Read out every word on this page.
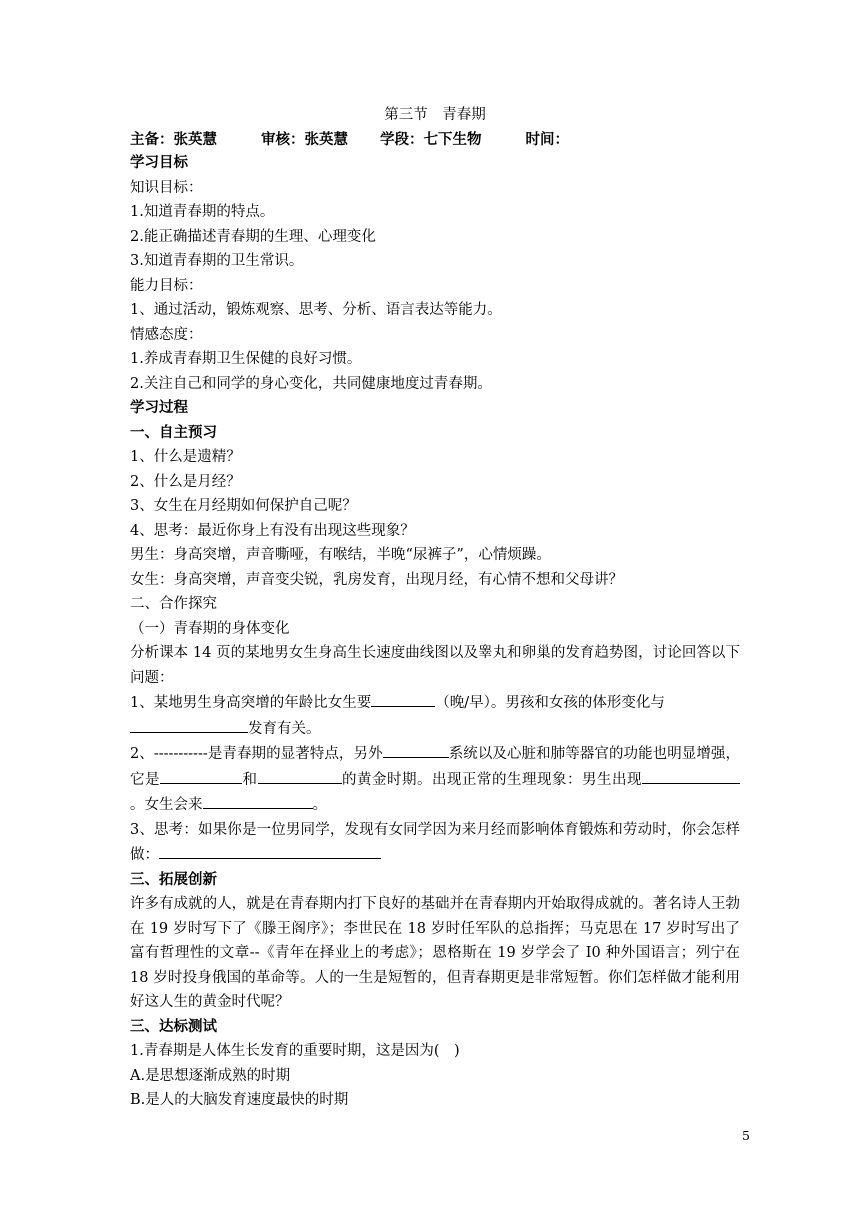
第三节　青春期
主备：张英慧	审核：张英慧 学段：七下生物	时间：
学习目标
知识目标：
1.知道青春期的特点。
2.能正确描述青春期的生理、心理变化
3.知道青春期的卫生常识。
能力目标：
1、通过活动，锻炼观察、思考、分析、语言表达等能力。
情感态度：
1.养成青春期卫生保健的良好习惯。
2.关注自己和同学的身心变化，共同健康地度过青春期。
学习过程
一、自主预习
1、什么是遗精？
2、什么是月经？
3、女生在月经期如何保护自己呢？
4、思考：最近你身上有没有出现这些现象？
男生：身高突增，声音嘶哑，有喉结，半晚“尿裤子”，心情烦躁。
女生：身高突增，声音变尖锐，乳房发育，出现月经，有心情不想和父母讲？
二、合作探究
（一）青春期的身体变化
分析课本 14 页的某地男女生身高生长速度曲线图以及睾丸和卵巢的发育趋势图，讨论回答以下问题：
1、某地男生身高突增的年龄比女生要	（晚/早）。男孩和女孩的体形变化与
发育有关。
2、-----------是青春期的显著特点，另外	系统以及心脏和肺等器官的功能也明显增强，它是	和	的黄金时期。出现正常的生理现象：男生出现。女生会来	。
3、思考：如果你是一位男同学，发现有女同学因为来月经而影响体育锻炼和劳动时，你会怎样做：
三、拓展创新
许多有成就的人，就是在青春期内打下良好的基础并在青春期内开始取得成就的。著名诗人王勃在 19 岁时写下了《滕王阁序》；李世民在 18 岁时任军队的总指挥；马克思在 17 岁时写出了富有哲理性的文章--《青年在择业上的考虑》；恩格斯在 19 岁学会了 I0 种外国语言；列宁在 18 岁时投身俄国的革命等。人的一生是短暂的，但青春期更是非常短暂。你们怎样做才能利用好这人生的黄金时代呢？
三、达标测试
1.青春期是人体生长发育的重要时期，这是因为(　)
A.是思想逐渐成熟的时期
B.是人的大脑发育速度最快的时期
5
